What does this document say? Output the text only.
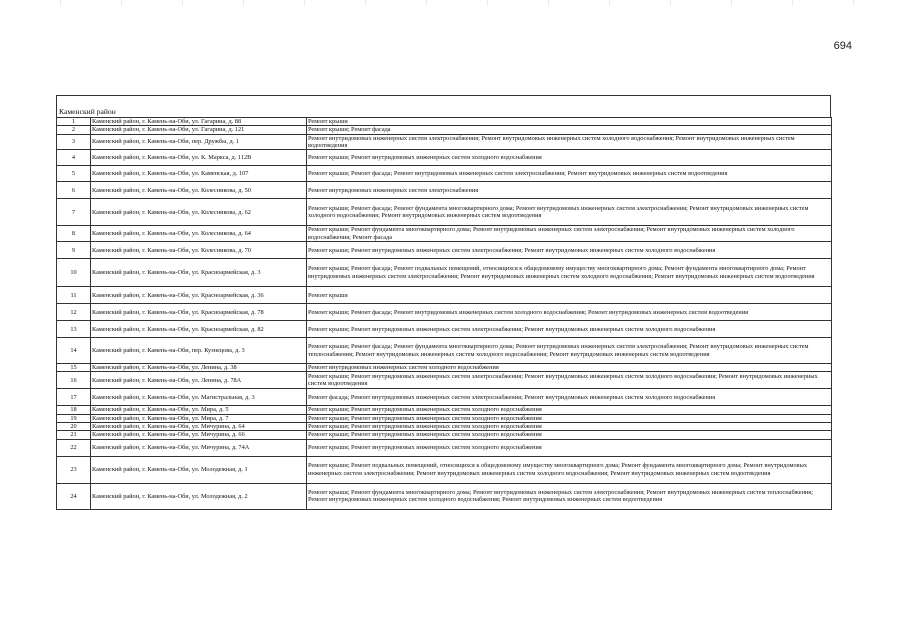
694
Каменский район
1	Каменский район, г. Камень-на-Оби, ул. Гагарина, д. 88	Ремонт крыши
2	Каменский район, г. Камень-на-Оби, ул. Гагарина, д. 121	Ремонт крыши; Ремонт фасада
3	Каменский район, г. Камень-на-Оби, пер. Дружбы, д. 1	Ремонт внутридомовых инженерных систем электроснабжения; Ремонт внутридомовых инженерных систем холодного водоснабжения; Ремонт внутридомовых инженерных систем водоотведения
4	Каменский район, г. Камень-на-Оби, ул. К. Маркса, д. 112В	Ремонт крыши; Ремонт внутридомовых инженерных систем холодного водоснабжения
5	Каменский район, г. Камень-на-Оби, ул. Каменская, д. 107	Ремонт крыши; Ремонт фасада; Ремонт внутридомовых инженерных систем электроснабжения; Ремонт внутридомовых инженерных систем водоотведения
6	Каменский район, г. Камень-на-Оби, ул. Колесникова, д. 50	Ремонт внутридомовых инженерных систем электроснабжения
7	Каменский район, г. Камень-на-Оби, ул. Колесникова, д. 62	Ремонт крыши; Ремонт фасада; Ремонт фундамента многоквартирного дома; Ремонт внутридомовых инженерных систем электроснабжения; Ремонт внутридомовых инженерных систем холодного водоснабжения; Ремонт внутридомовых инженерных систем водоотведения
8	Каменский район, г. Камень-на-Оби, ул. Колесникова, д. 64	Ремонт крыши; Ремонт фундамента многоквартирного дома; Ремонт внутридомовых инженерных систем электроснабжения; Ремонт внутридомовых инженерных систем холодного водоснабжения; Ремонт фасада
9	Каменский район, г. Камень-на-Оби, ул. Колесникова, д. 70	Ремонт крыши; Ремонт внутридомовых инженерных систем электроснабжения; Ремонт внутридомовых инженерных систем холодного водоснабжения
10	Каменский район, г. Камень-на-Оби, ул. Красноармейская, д. 3	Ремонт крыши; Ремонт фасада; Ремонт подвальных помещений, относящихся к общедомовому имуществу многоквартирного дома; Ремонт фундамента многоквартирного дома; Ремонт внутридомовых инженерных систем электроснабжения; Ремонт внутридомовых инженерных систем холодного водоснабжения; Ремонт внутридомовых инженерных систем водоотведения
11	Каменский район, г. Камень-на-Оби, ул. Красноармейская, д. 36	Ремонт крыши
12	Каменский район, г. Камень-на-Оби, ул. Красноармейская, д. 78	Ремонт крыши; Ремонт фасада; Ремонт внутридомовых инженерных систем холодного водоснабжения; Ремонт внутридомовых инженерных систем водоотведения
13	Каменский район, г. Камень-на-Оби, ул. Красноармейская, д. 82	Ремонт крыши; Ремонт внутридомовых инженерных систем электроснабжения; Ремонт внутридомовых инженерных систем холодного водоснабжения
14	Каменский район, г. Камень-на-Оби, пер. Кузнецова, д. 3	Ремонт крыши; Ремонт фасада; Ремонт фундамента многоквартирного дома; Ремонт внутридомовых инженерных систем электроснабжения; Ремонт внутридомовых инженерных систем теплоснабжения; Ремонт внутридомовых инженерных систем холодного водоснабжения; Ремонт внутридомовых инженерных систем водоотведения
15	Каменский район, г. Камень-на-Оби, ул. Ленина, д. 38	Ремонт внутридомовых инженерных систем холодного водоснабжения
16	Каменский район, г. Камень-на-Оби, ул. Ленина, д. 78А	Ремонт крыши; Ремонт внутридомовых инженерных систем электроснабжения; Ремонт внутридомовых инженерных систем холодного водоснабжения; Ремонт внутридомовых инженерных систем водоотведения
17	Каменский район, г. Камень-на-Оби, ул. Магистральная, д. 3	Ремонт фасада; Ремонт внутридомовых инженерных систем электроснабжения; Ремонт внутридомовых инженерных систем холодного водоснабжения
18	Каменский район, г. Камень-на-Оби, ул. Мира, д. 5	Ремонт крыши; Ремонт внутридомовых инженерных систем холодного водоснабжения
19	Каменский район, г. Камень-на-Оби, ул. Мира, д. 7	Ремонт крыши; Ремонт внутридомовых инженерных систем холодного водоснабжения
20	Каменский район, г. Камень-на-Оби, ул. Мичурина, д. 64	Ремонт крыши; Ремонт внутридомовых инженерных систем холодного водоснабжения
21	Каменский район, г. Камень-на-Оби, ул. Мичурина, д. 66	Ремонт крыши; Ремонт внутридомовых инженерных систем холодного водоснабжения
22	Каменский район, г. Камень-на-Оби, ул. Мичурина, д. 74А	Ремонт крыши; Ремонт внутридомовых инженерных систем холодного водоснабжения
23	Каменский район, г. Камень-на-Оби, ул. Молодежная, д. 1	Ремонт крыши; Ремонт подвальных помещений, относящихся к общедомовому имуществу многоквартирного дома; Ремонт фундамента многоквартирного дома; Ремонт внутридомовых инженерных систем электроснабжения; Ремонт внутридомовых инженерных систем холодного водоснабжения; Ремонт внутридомовых инженерных систем водоотведения
24	Каменский район, г. Камень-на-Оби, ул. Молодежная, д. 2	Ремонт крыши; Ремонт фундамента многоквартирного дома; Ремонт внутридомовых инженерных систем электроснабжения; Ремонт внутридомовых инженерных систем теплоснабжения; Ремонт внутридомовых инженерных систем холодного водоснабжения; Ремонт внутридомовых инженерных систем водоотведения
